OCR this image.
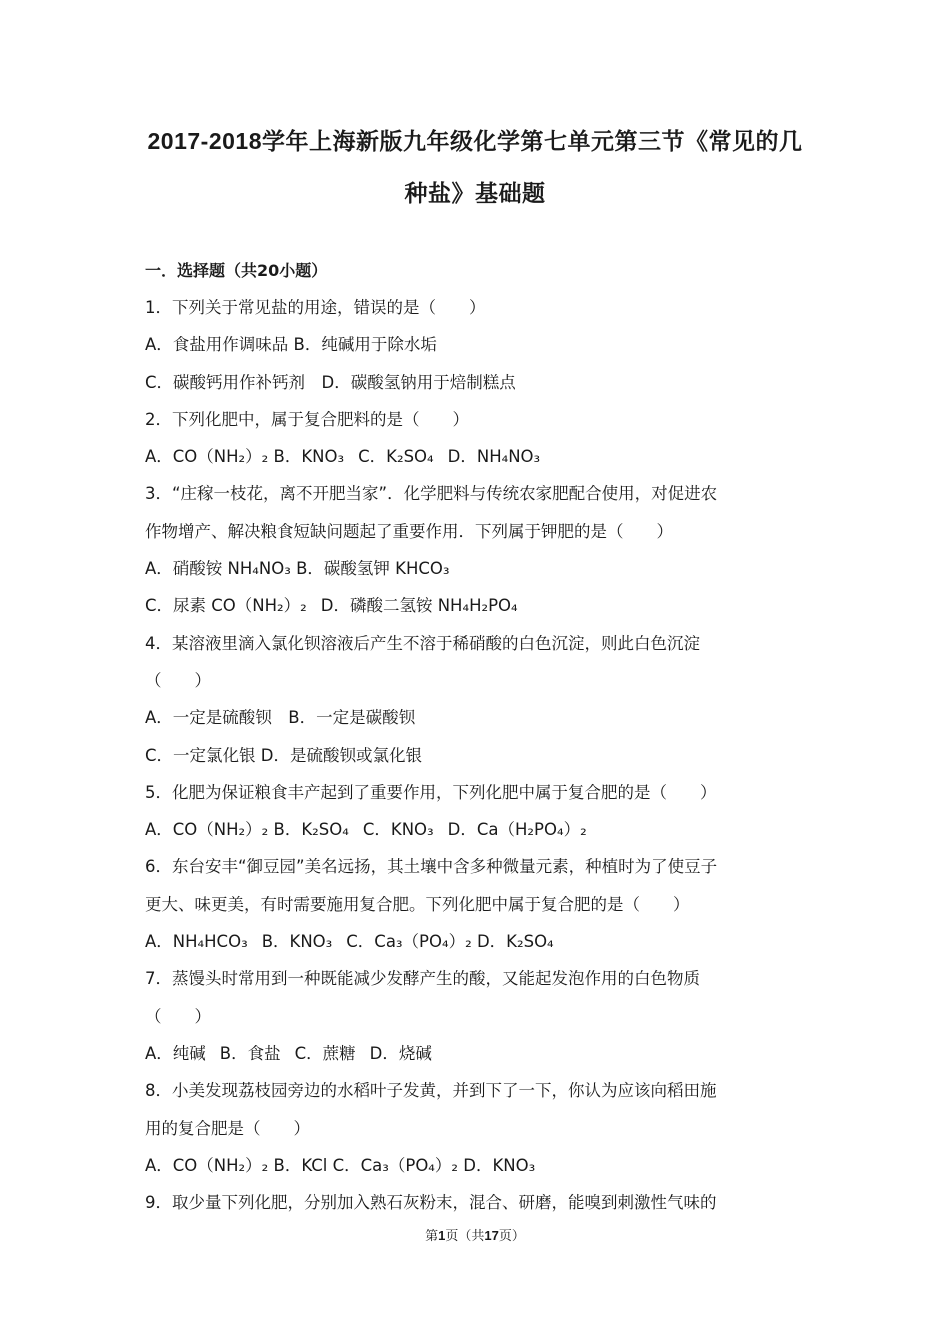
2017-2018学年上海新版九年级化学第七单元第三节《常见的几
种盐》基础题
一．选择题（共20小题）
1．下列关于常见盐的用途，错误的是（　　）
A．食盐用作调味品 B．纯碱用于除水垢
C．碳酸钙用作补钙剂　D．碳酸氢钠用于焙制糕点
2．下列化肥中，属于复合肥料的是（　　）
A．CO（NH₂）₂ B．KNO₃ C．K₂SO₄ D．NH₄NO₃
3．“庄稼一枝花，离不开肥当家”．化学肥料与传统农家肥配合使用，对促进农
作物增产、解决粮食短缺问题起了重要作用．下列属于钾肥的是（　　）
A．硝酸铵 NH₄NO₃ B．碳酸氢钾 KHCO₃
C．尿素 CO（NH₂）₂ D．磷酸二氢铵 NH₄H₂PO₄
4．某溶液里滴入氯化钡溶液后产生不溶于稀硝酸的白色沉淀，则此白色沉淀
（　　）
A．一定是硫酸钡　B．一定是碳酸钡
C．一定氯化银 D．是硫酸钡或氯化银
5．化肥为保证粮食丰产起到了重要作用，下列化肥中属于复合肥的是（　　）
A．CO（NH₂）₂ B．K₂SO₄ C．KNO₃ D．Ca（H₂PO₄）₂
6．东台安丰“御豆园”美名远扬，其土壤中含多种微量元素，种植时为了使豆子
更大、味更美，有时需要施用复合肥。下列化肥中属于复合肥的是（　　）
A．NH₄HCO₃ B．KNO₃ C．Ca₃（PO₄）₂ D．K₂SO₄
7．蒸馒头时常用到一种既能减少发酵产生的酸，又能起发泡作用的白色物质
（　　）
A．纯碱 B．食盐 C．蔗糖 D．烧碱
8．小美发现荔枝园旁边的水稻叶子发黄，并到下了一下，你认为应该向稻田施
用的复合肥是（　　）
A．CO（NH₂）₂ B．KCl C．Ca₃（PO₄）₂ D．KNO₃
9．取少量下列化肥，分别加入熟石灰粉末，混合、研磨，能嗅到刺激性气味的
第1页（共17页）
